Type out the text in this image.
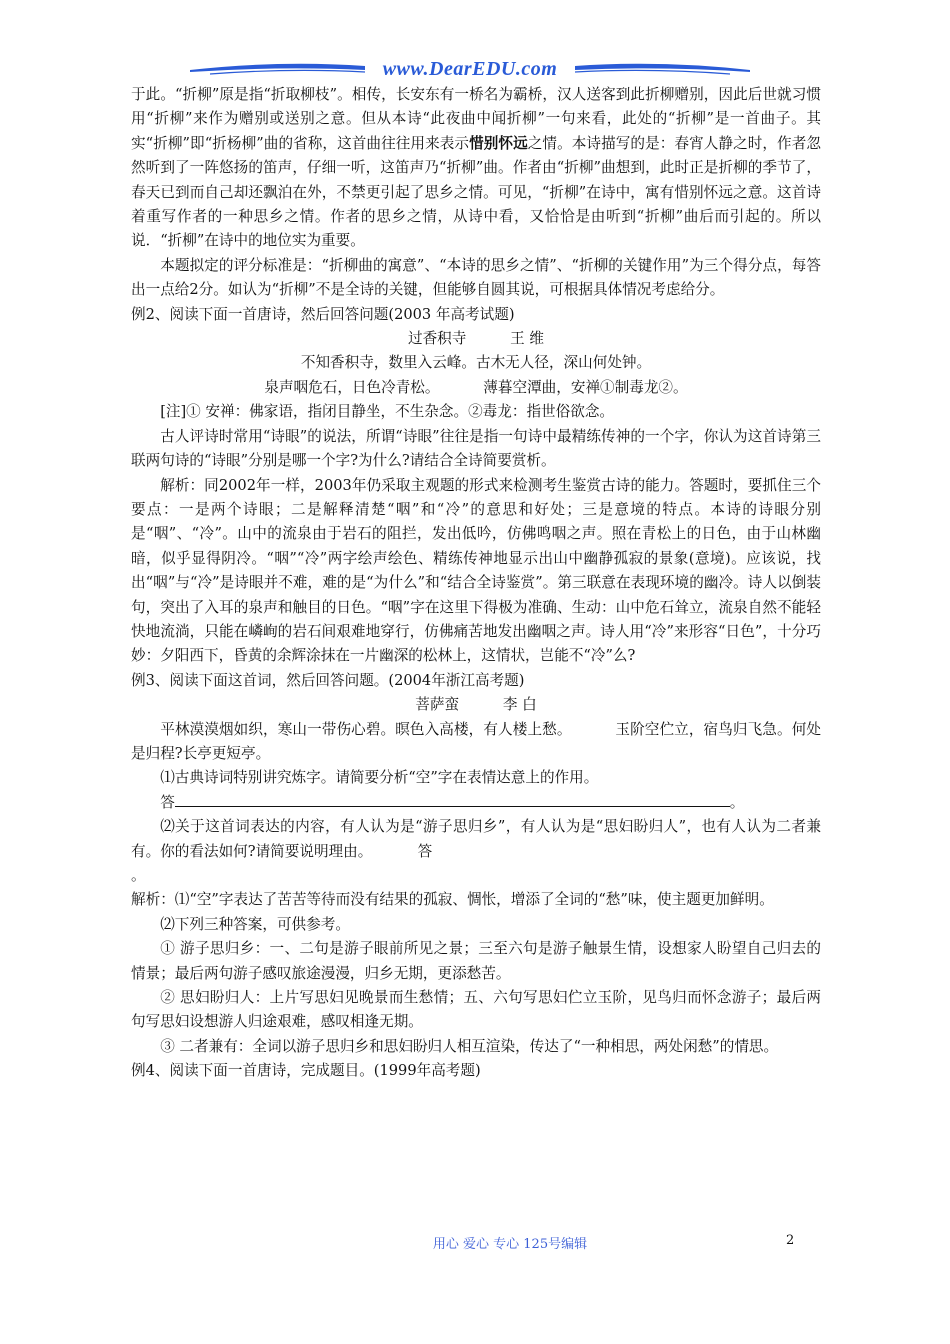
www.DearEDU.com

于此。“折柳”原是指“折取柳枝”。相传，长安东有一桥名为霸桥，汉人送客到此折柳赠别，因此后世就习惯用“折柳”来作为赠别或送别之意。但从本诗“此夜曲中闻折柳”一句来看，此处的“折柳”是一首曲子。其实“折柳”即“折杨柳”曲的省称，这首曲往往用来表示惜别怀远之情。本诗描写的是：春宵人静之时，作者忽然听到了一阵悠扬的笛声，仔细一听，这笛声乃“折柳”曲。作者由“折柳”曲想到，此时正是折柳的季节了，春天已到而自己却还飘泊在外，不禁更引起了思乡之情。可见，“折柳”在诗中，寓有惜别怀远之意。这首诗着重写作者的一种思乡之情。作者的思乡之情，从诗中看，又恰恰是由听到“折柳”曲后而引起的。所以说．“折柳”在诗中的地位实为重要。

本题拟定的评分标准是：“折柳曲的寓意”、“本诗的思乡之情”、“折柳的关键作用”为三个得分点，每答出一点给2分。如认为“折柳”不是全诗的关键，但能够自圆其说，可根据具体情况考虑给分。

例2、阅读下面一首唐诗，然后回答问题(2003 年高考试题)

过香积寺	王 维

不知香积寺，数里入云峰。古木无人径，深山何处钟。

泉声咽危石，日色冷青松。	薄暮空潭曲，安禅①制毒龙②。

[注]① 安禅：佛家语，指闭目静坐，不生杂念。②毒龙：指世俗欲念。

古人评诗时常用“诗眼”的说法，所谓“诗眼”往往是指一句诗中最精练传神的一个字，你认为这首诗第三联两句诗的“诗眼”分别是哪一个字?为什么?请结合全诗简要赏析。

解析：同2002年一样，2003年仍采取主观题的形式来检测考生鉴赏古诗的能力。答题时，要抓住三个要点：一是两个诗眼；二是解释清楚“咽”和“冷”的意思和好处；三是意境的特点。本诗的诗眼分别是“咽”、“冷”。山中的流泉由于岩石的阻拦，发出低吟，仿佛鸣咽之声。照在青松上的日色，由于山林幽暗，似乎显得阴冷。“咽”“冷”两字绘声绘色、精练传神地显示出山中幽静孤寂的景象(意境)。应该说，找出“咽”与“冷”是诗眼并不难，难的是“为什么”和“结合全诗鉴赏”。第三联意在表现环境的幽冷。诗人以倒装句，突出了入耳的泉声和触目的日色。“咽”字在这里下得极为准确、生动：山中危石耸立，流泉自然不能轻快地流淌，只能在嶙峋的岩石间艰难地穿行，仿佛痛苦地发出幽咽之声。诗人用“冷”来形容“日色”，十分巧妙：夕阳西下，昏黄的余辉涂抹在一片幽深的松林上，这情状，岂能不“冷”么?

例3、阅读下面这首词，然后回答问题。(2004年浙江高考题)

菩萨蛮	李 白

平林漠漠烟如织，寒山一带伤心碧。暝色入高楼，有人楼上愁。	玉阶空伫立，宿鸟归飞急。何处是归程?长亭更短亭。

⑴古典诗词特别讲究炼字。请简要分析“空”字在表情达意上的作用。

答	。

⑵关于这首词表达的内容，有人认为是“游子思归乡”，有人认为是“思妇盼归人”，也有人认为二者兼有。你的看法如何?请简要说明理由。	答
。

解析：⑴“空”字表达了苦苦等待而没有结果的孤寂、惆怅，增添了全词的“愁”味，使主题更加鲜明。

⑵下列三种答案，可供参考。

① 游子思归乡：一、二句是游子眼前所见之景；三至六句是游子触景生情，设想家人盼望自己归去的情景；最后两句游子感叹旅途漫漫，归乡无期，更添愁苦。

② 思妇盼归人：上片写思妇见晚景而生愁情；五、六句写思妇伫立玉阶，见鸟归而怀念游子；最后两句写思妇设想游人归途艰难，感叹相逢无期。

③ 二者兼有：全词以游子思归乡和思妇盼归人相互渲染，传达了“一种相思，两处闲愁”的情思。

例4、阅读下面一首唐诗，完成题目。(1999年高考题)

用心 爱心 专心 125号编辑	2
